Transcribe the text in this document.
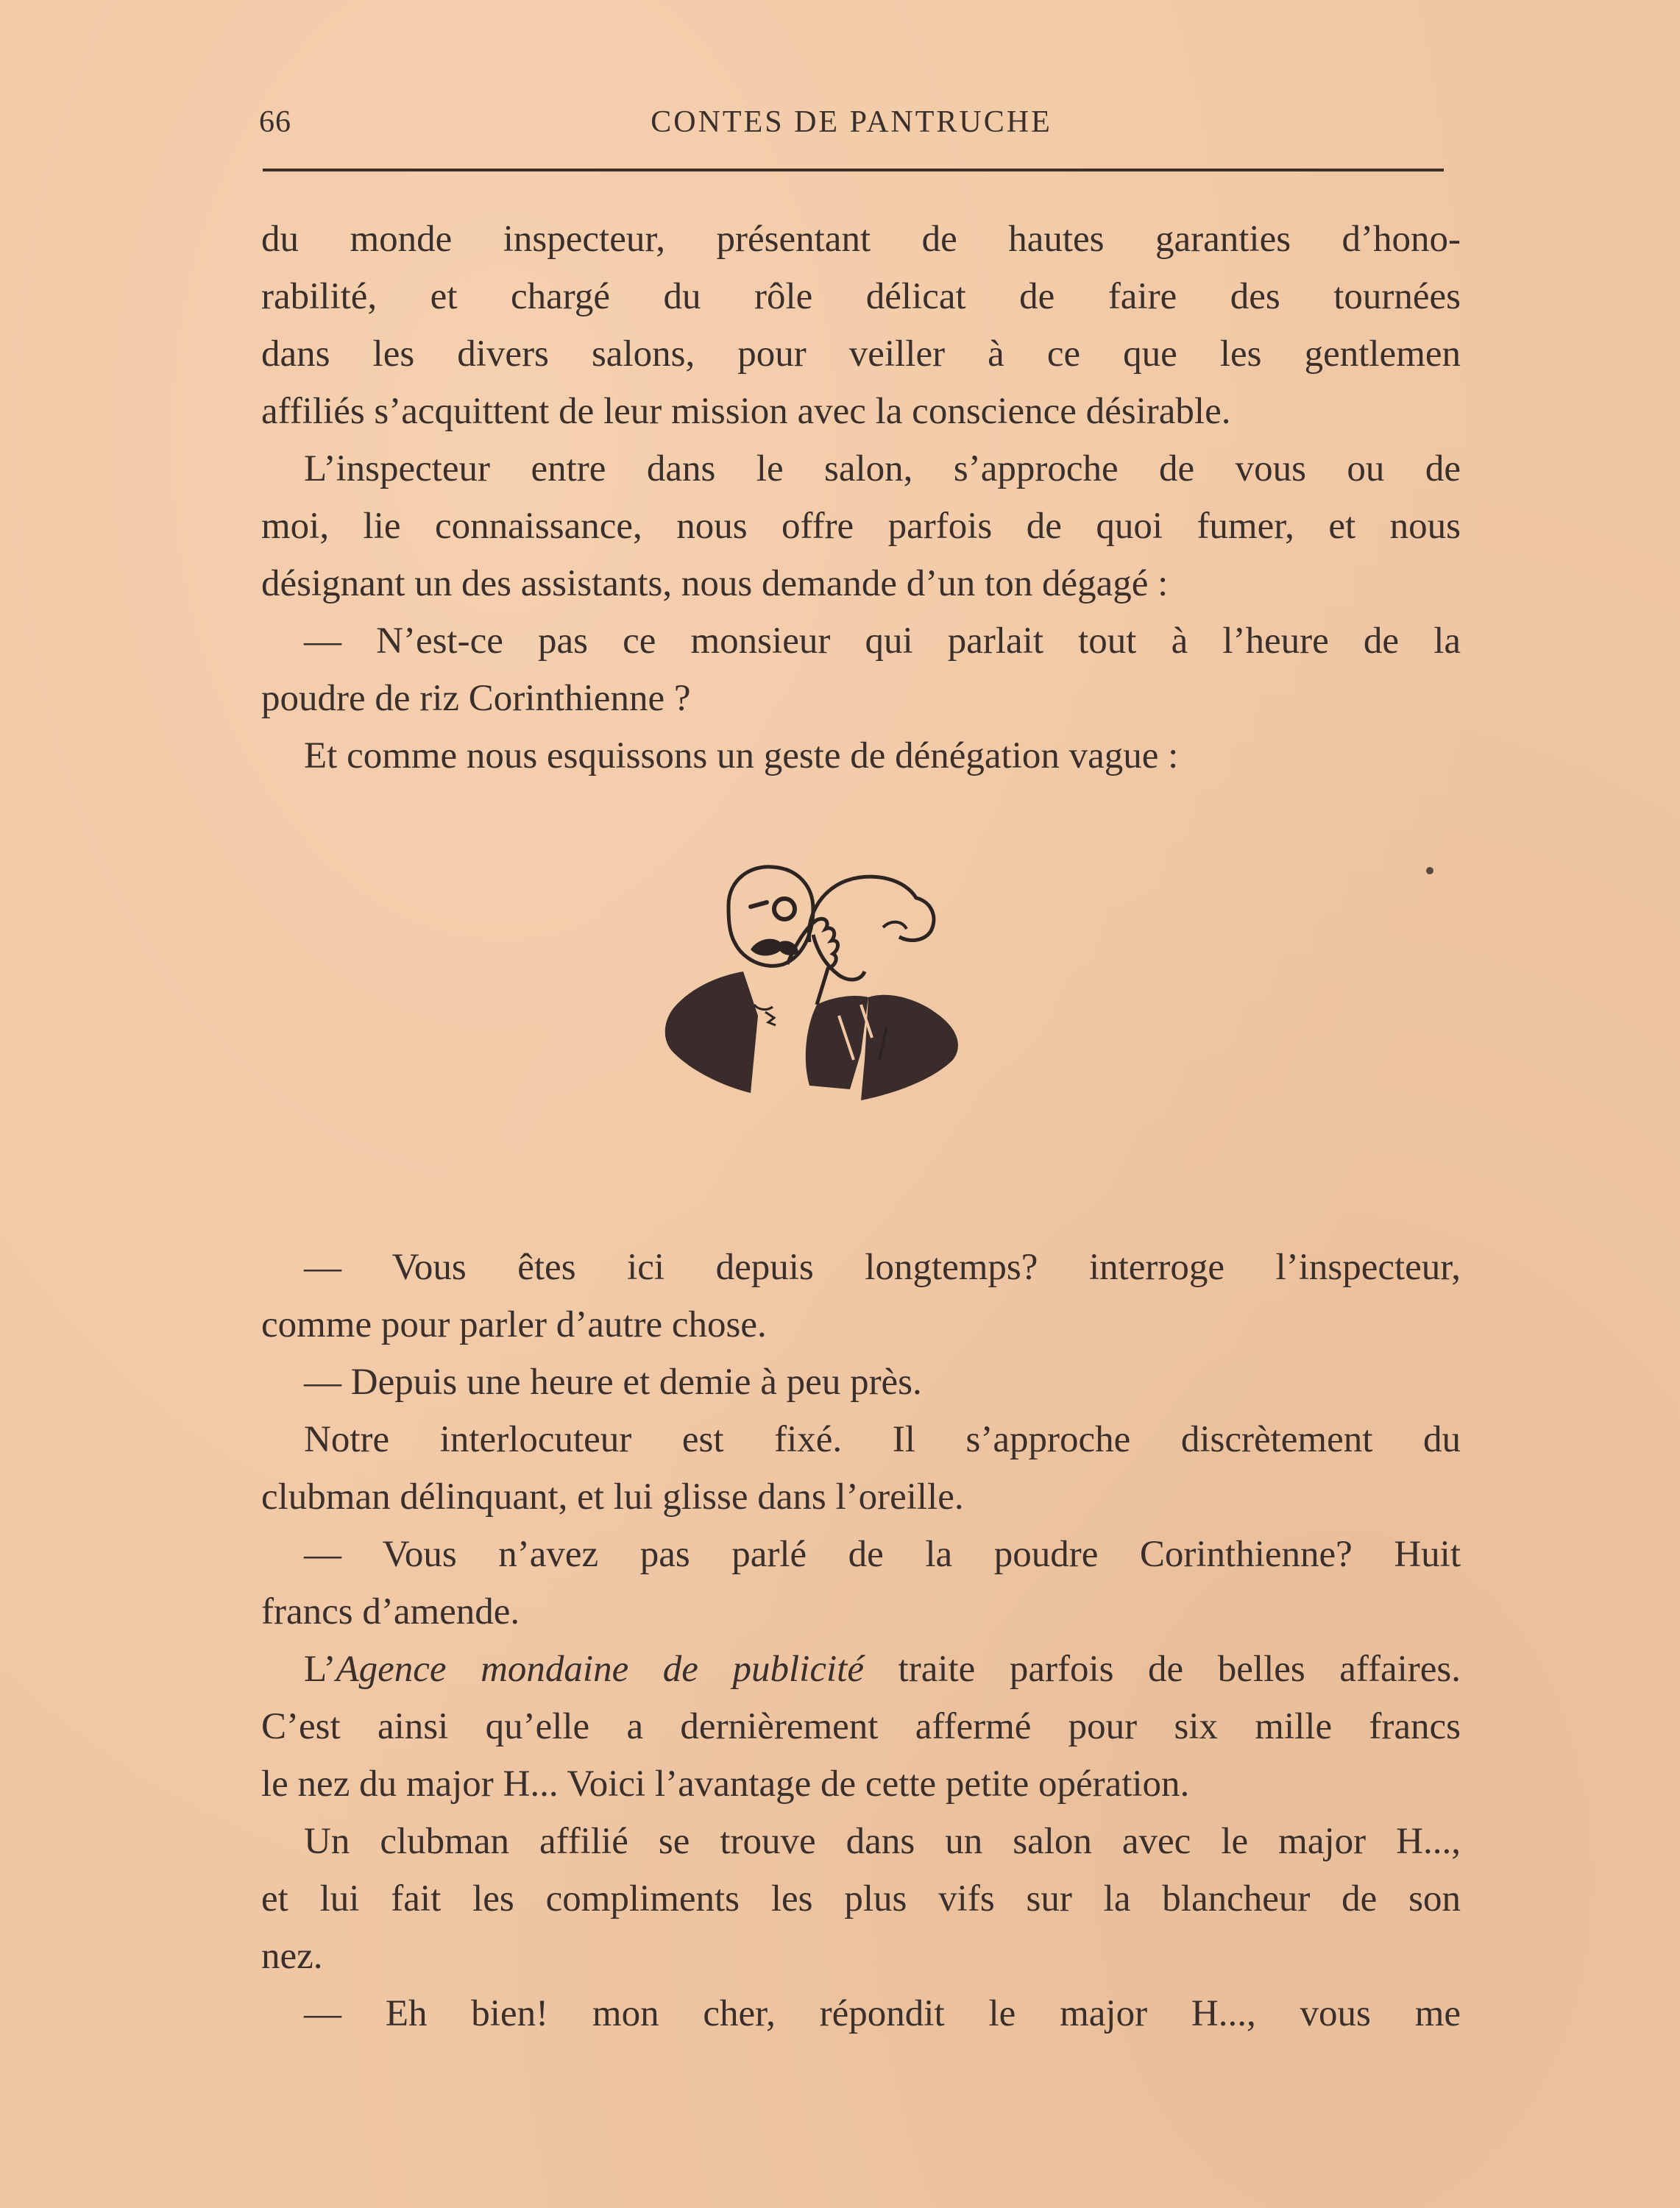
66	CONTES DE PANTRUCHE

du monde inspecteur, présentant de hautes garanties d’hono-
rabilité, et chargé du rôle délicat de faire des tournées
dans les divers salons, pour veiller à ce que les gentlemen

affiliés s’acquittent de leur mission avec la conscience désirable.

L’inspecteur entre dans le salon, s’approche de vous ou de
moi, lie connaissance, nous offre parfois de quoi fumer, et nous

désignant un des assistants, nous demande d’un ton dégagé :

— N’est-ce pas ce monsieur qui parlait tout à l’heure de la

poudre de riz Corinthienne ?

Et comme nous esquissons un geste de dénégation vague :

— Vous êtes ici depuis longtemps? interroge l’inspecteur,

comme pour parler d’autre chose.

— Depuis une heure et demie à peu près.

Notre interlocuteur est fixé. Il s’approche discrètement du

clubman délinquant, et lui glisse dans l’oreille.

— Vous n’avez pas parlé de la poudre Corinthienne? Huit

francs d’amende.

L’Agence mondaine de publicité traite parfois de belles affaires.

C’est ainsi qu’elle a dernièrement affermé pour six mille francs

le nez du major H... Voici l’avantage de cette petite opération.

Un clubman affilié se trouve dans un salon avec le major H...,

et lui fait les compliments les plus vifs sur la blancheur de son

nez.

— Eh bien! mon cher, répondit le major H..., vous me
